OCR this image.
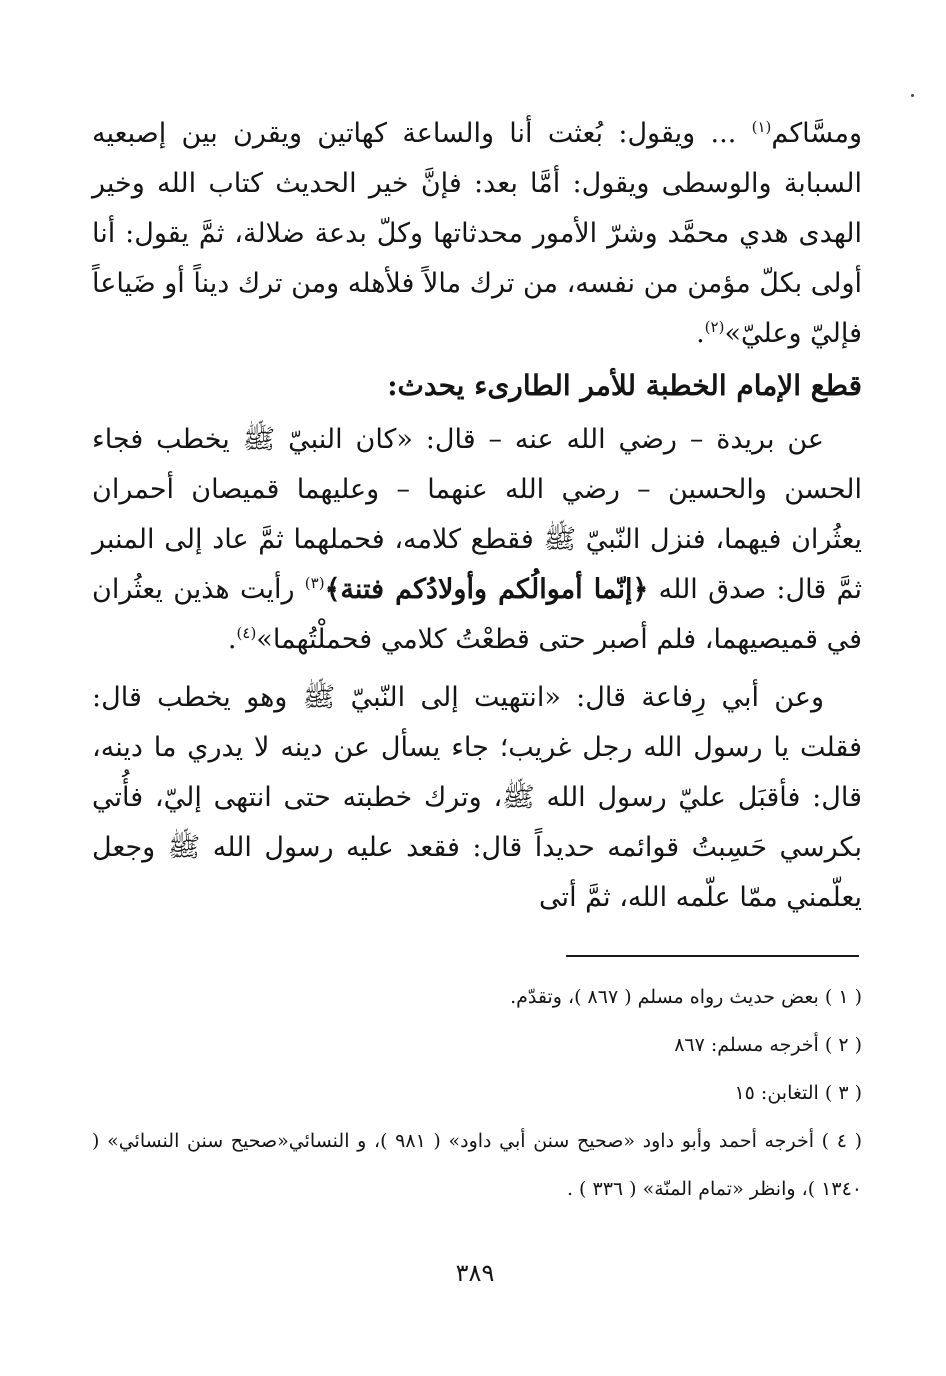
ومسَّاكم$^{(١)}$ ... ويقول: بُعثت أنا والساعة كهاتين ويقرن بين إصبعيه السبابة والوسطى ويقول: أمَّا بعد: فإنَّ خير الحديث كتاب الله وخير الهدى هدي محمَّد وشرّ الأمور محدثاتها وكلّ بدعة ضلالة، ثمَّ يقول: أنا أولى بكلّ مؤمن من نفسه، من ترك مالاً فلأهله ومن ترك ديناً أو ضَياعاً فإليّ وعليّ»$^{(٢)}$.

قطع الإمام الخطبة للأمر الطارىء يحدث:

عن بريدة – رضي الله عنه – قال: «كان النبيّ ﷺ يخطب فجاء الحسن والحسين – رضي الله عنهما – وعليهما قميصان أحمران يعثُران فيهما، فنزل النّبيّ ﷺ فقطع كلامه، فحملهما ثمَّ عاد إلى المنبر ثمَّ قال: صدق الله ﴿إنّما أموالُكم وأولادُكم فتنة﴾$^{(٣)}$ رأيت هذين يعثُران في قميصيهما، فلم أصبر حتى قطعْتُ كلامي فحملْتُهما»$^{(٤)}$.

وعن أبي رِفاعة قال: «انتهيت إلى النّبيّ ﷺ وهو يخطب قال: فقلت يا رسول الله رجل غريب؛ جاء يسأل عن دينه لا يدري ما دينه، قال: فأقبَل عليّ رسول الله ﷺ، وترك خطبته حتى انتهى إليّ، فأُتي بكرسي حَسِبتُ قوائمه حديداً قال: فقعد عليه رسول الله ﷺ وجعل يعلّمني ممّا علّمه الله، ثمَّ أتى

( ١ ) بعض حديث رواه مسلم ( ٨٦٧ )، وتقدّم.

( ٢ ) أخرجه مسلم: ٨٦٧

( ٣ ) التغابن: ١٥

( ٤ ) أخرجه أحمد وأبو داود «صحيح سنن أبي داود» ( ٩٨١ )، و النسائي«صحيح سنن النسائي» ( ١٣٤٠ )، وانظر «تمام المنّة» ( ٣٣٦ ) .

٣٨٩
